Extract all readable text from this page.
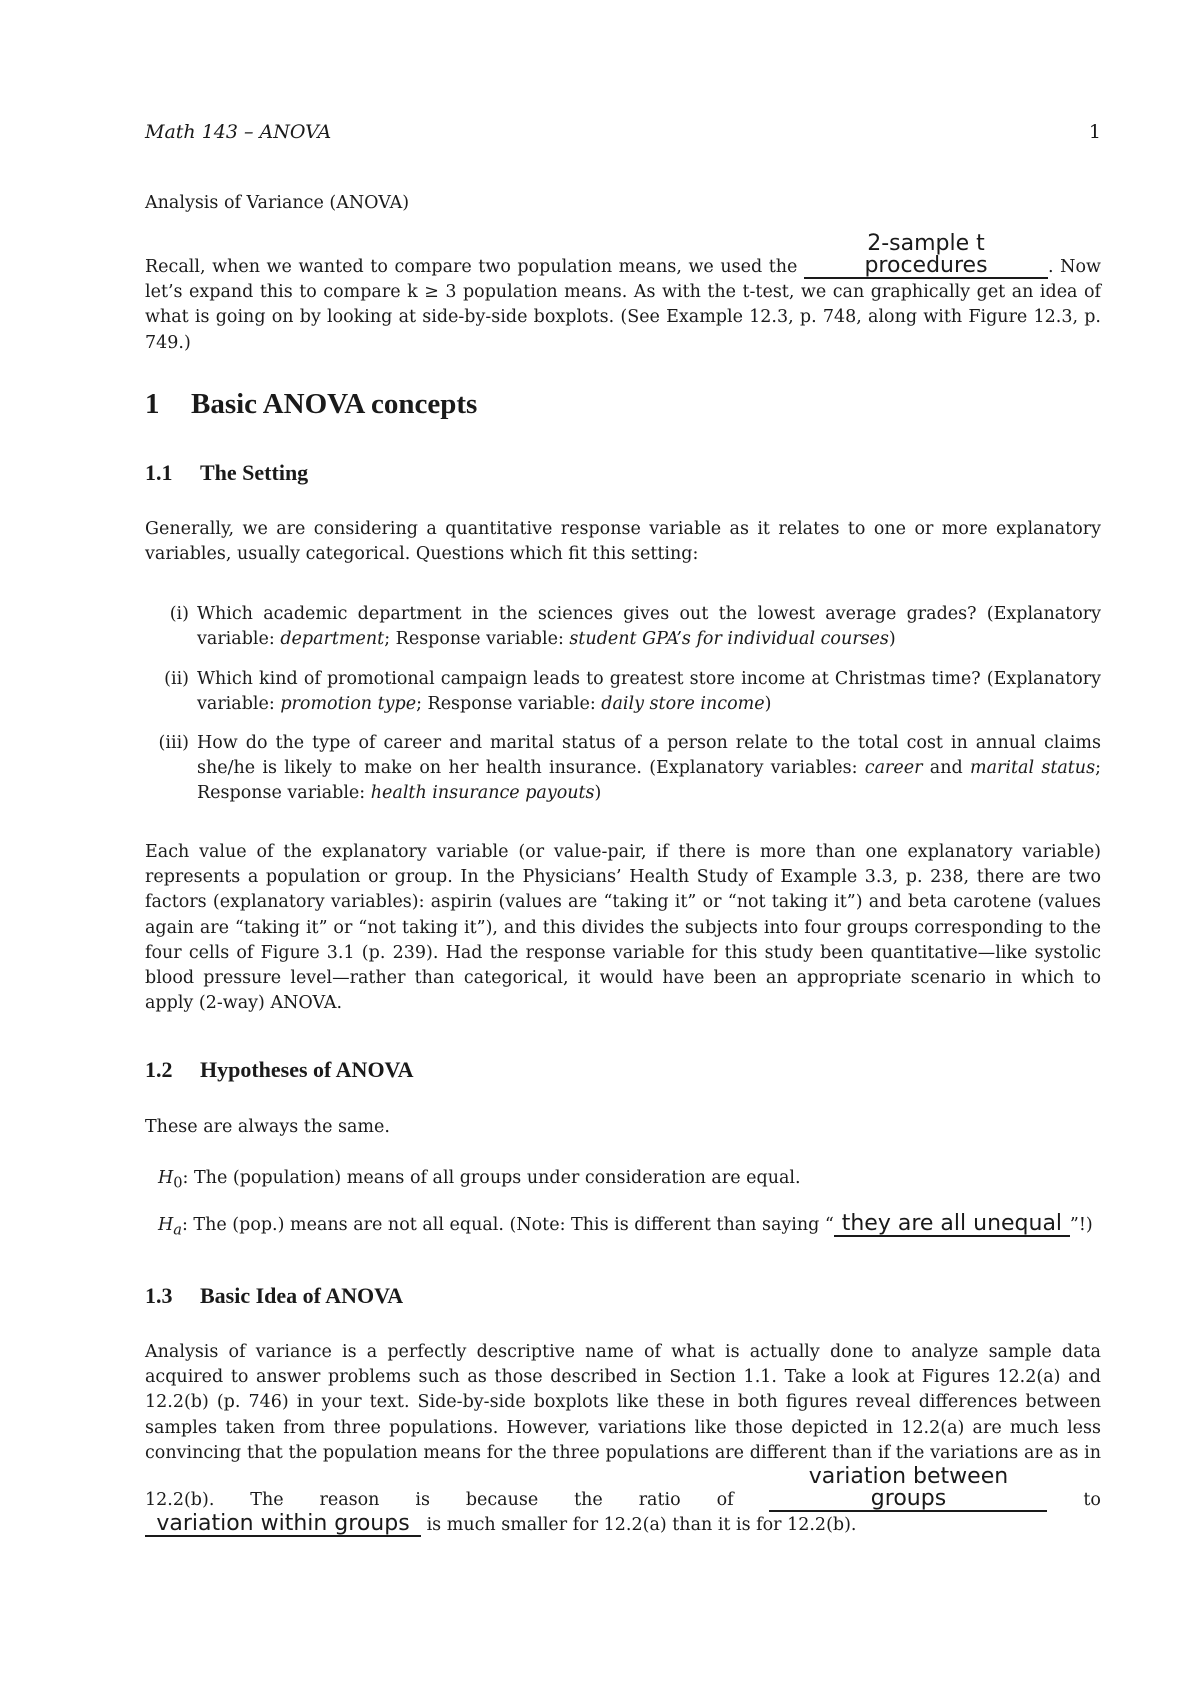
Math 143 – ANOVA	1
Analysis of Variance (ANOVA)
Recall, when we wanted to compare two population means, we used the 2-sample t procedures	. Now let’s expand this to compare k ≥ 3 population means. As with the t-test, we can graphically get an idea of what is going on by looking at side-by-side boxplots. (See Example 12.3, p. 748, along with Figure 12.3, p. 749.)
1 Basic ANOVA concepts
1.1 The Setting
Generally, we are considering a quantitative response variable as it relates to one or more explanatory variables, usually categorical. Questions which fit this setting:
(i) Which academic department in the sciences gives out the lowest average grades? (Explanatory variable: department; Response variable: student GPA’s for individual courses)
(ii) Which kind of promotional campaign leads to greatest store income at Christmas time? (Explanatory variable: promotion type; Response variable: daily store income)
(iii) How do the type of career and marital status of a person relate to the total cost in annual claims she/he is likely to make on her health insurance. (Explanatory variables: career and marital status; Response variable: health insurance payouts)
Each value of the explanatory variable (or value-pair, if there is more than one explanatory variable) represents a population or group. In the Physicians’ Health Study of Example 3.3, p. 238, there are two factors (explanatory variables): aspirin (values are “taking it” or “not taking it”) and beta carotene (values again are “taking it” or “not taking it”), and this divides the subjects into four groups corresponding to the four cells of Figure 3.1 (p. 239). Had the response variable for this study been quantitative—like systolic blood pressure level—rather than categorical, it would have been an appropriate scenario in which to apply (2-way) ANOVA.
1.2 Hypotheses of ANOVA
These are always the same.
$H_0$: The (population) means of all groups under consideration are equal.
$H_a$: The (pop.) means are not all equal. (Note: This is different than saying “ they are all unequal ”!)
1.3 Basic Idea of ANOVA
Analysis of variance is a perfectly descriptive name of what is actually done to analyze sample data acquired to answer problems such as those described in Section 1.1. Take a look at Figures 12.2(a) and 12.2(b) (p. 746) in your text. Side-by-side boxplots like these in both figures reveal differences between samples taken from three populations. However, variations like those depicted in 12.2(a) are much less convincing that the population means for the three populations are different than if the variations are as in 12.2(b). The reason is because the ratio of variation between groups	to variation within groups is much smaller for 12.2(a) than it is for 12.2(b).
